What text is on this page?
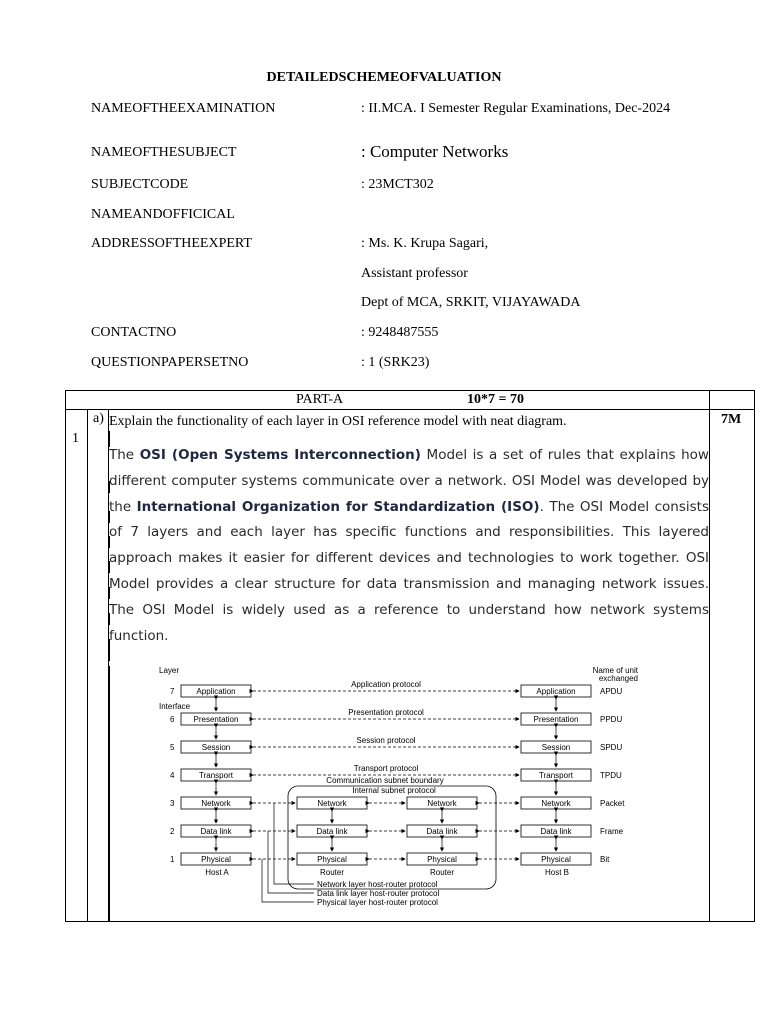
DETAILEDSCHEMEOFVALUATION
NAMEOFTHEEXAMINATION	: II.MCA. I Semester Regular Examinations, Dec-2024
NAMEOFTHESUBJECT	: Computer Networks
SUBJECTCODE	: 23MCT302
NAMEANDOFFICICAL
ADDRESSOFTHEEXPERT	: Ms. K. Krupa Sagari,
Assistant professor
Dept of MCA, SRKIT, VIJAYAWADA
CONTACTNO	: 9248487555
QUESTIONPAPERSETNO	: 1 (SRK23)
PART-A	10*7 = 70
1
a) Explain the functionality of each layer in OSI reference model with neat diagram.	7M
The OSI (Open Systems Interconnection) Model is a set of rules that explains how different computer systems communicate over a network. OSI Model was developed by the International Organization for Standardization (ISO). The OSI Model consists of 7 layers and each layer has specific functions and responsibilities. This layered approach makes it easier for different devices and technologies to work together. OSI Model provides a clear structure for data transmission and managing network issues. The OSI Model is widely used as a reference to understand how network systems function.
Layer	Name of unit
exchanged
Interface
7	Application	Application	APDU
Application protocol
6 Presentation	Presentation	PPDU
Presentation protocol
5	Session	Session	SPDU
Session protocol
4	Transport	Transport	TPDU
Transport protocol
3	Network	Network	Packet
Network	Network
2	Data link	Data link	Frame
Data link	Data link
1	Physical	Physical	Bit
Physical	Physical
Communication subnet boundary
Internal subnet protocol
Host A	Host B
Router	Router
Network layer host-router protocol
Data link layer host-router protocol
Physical layer host-router protocol
